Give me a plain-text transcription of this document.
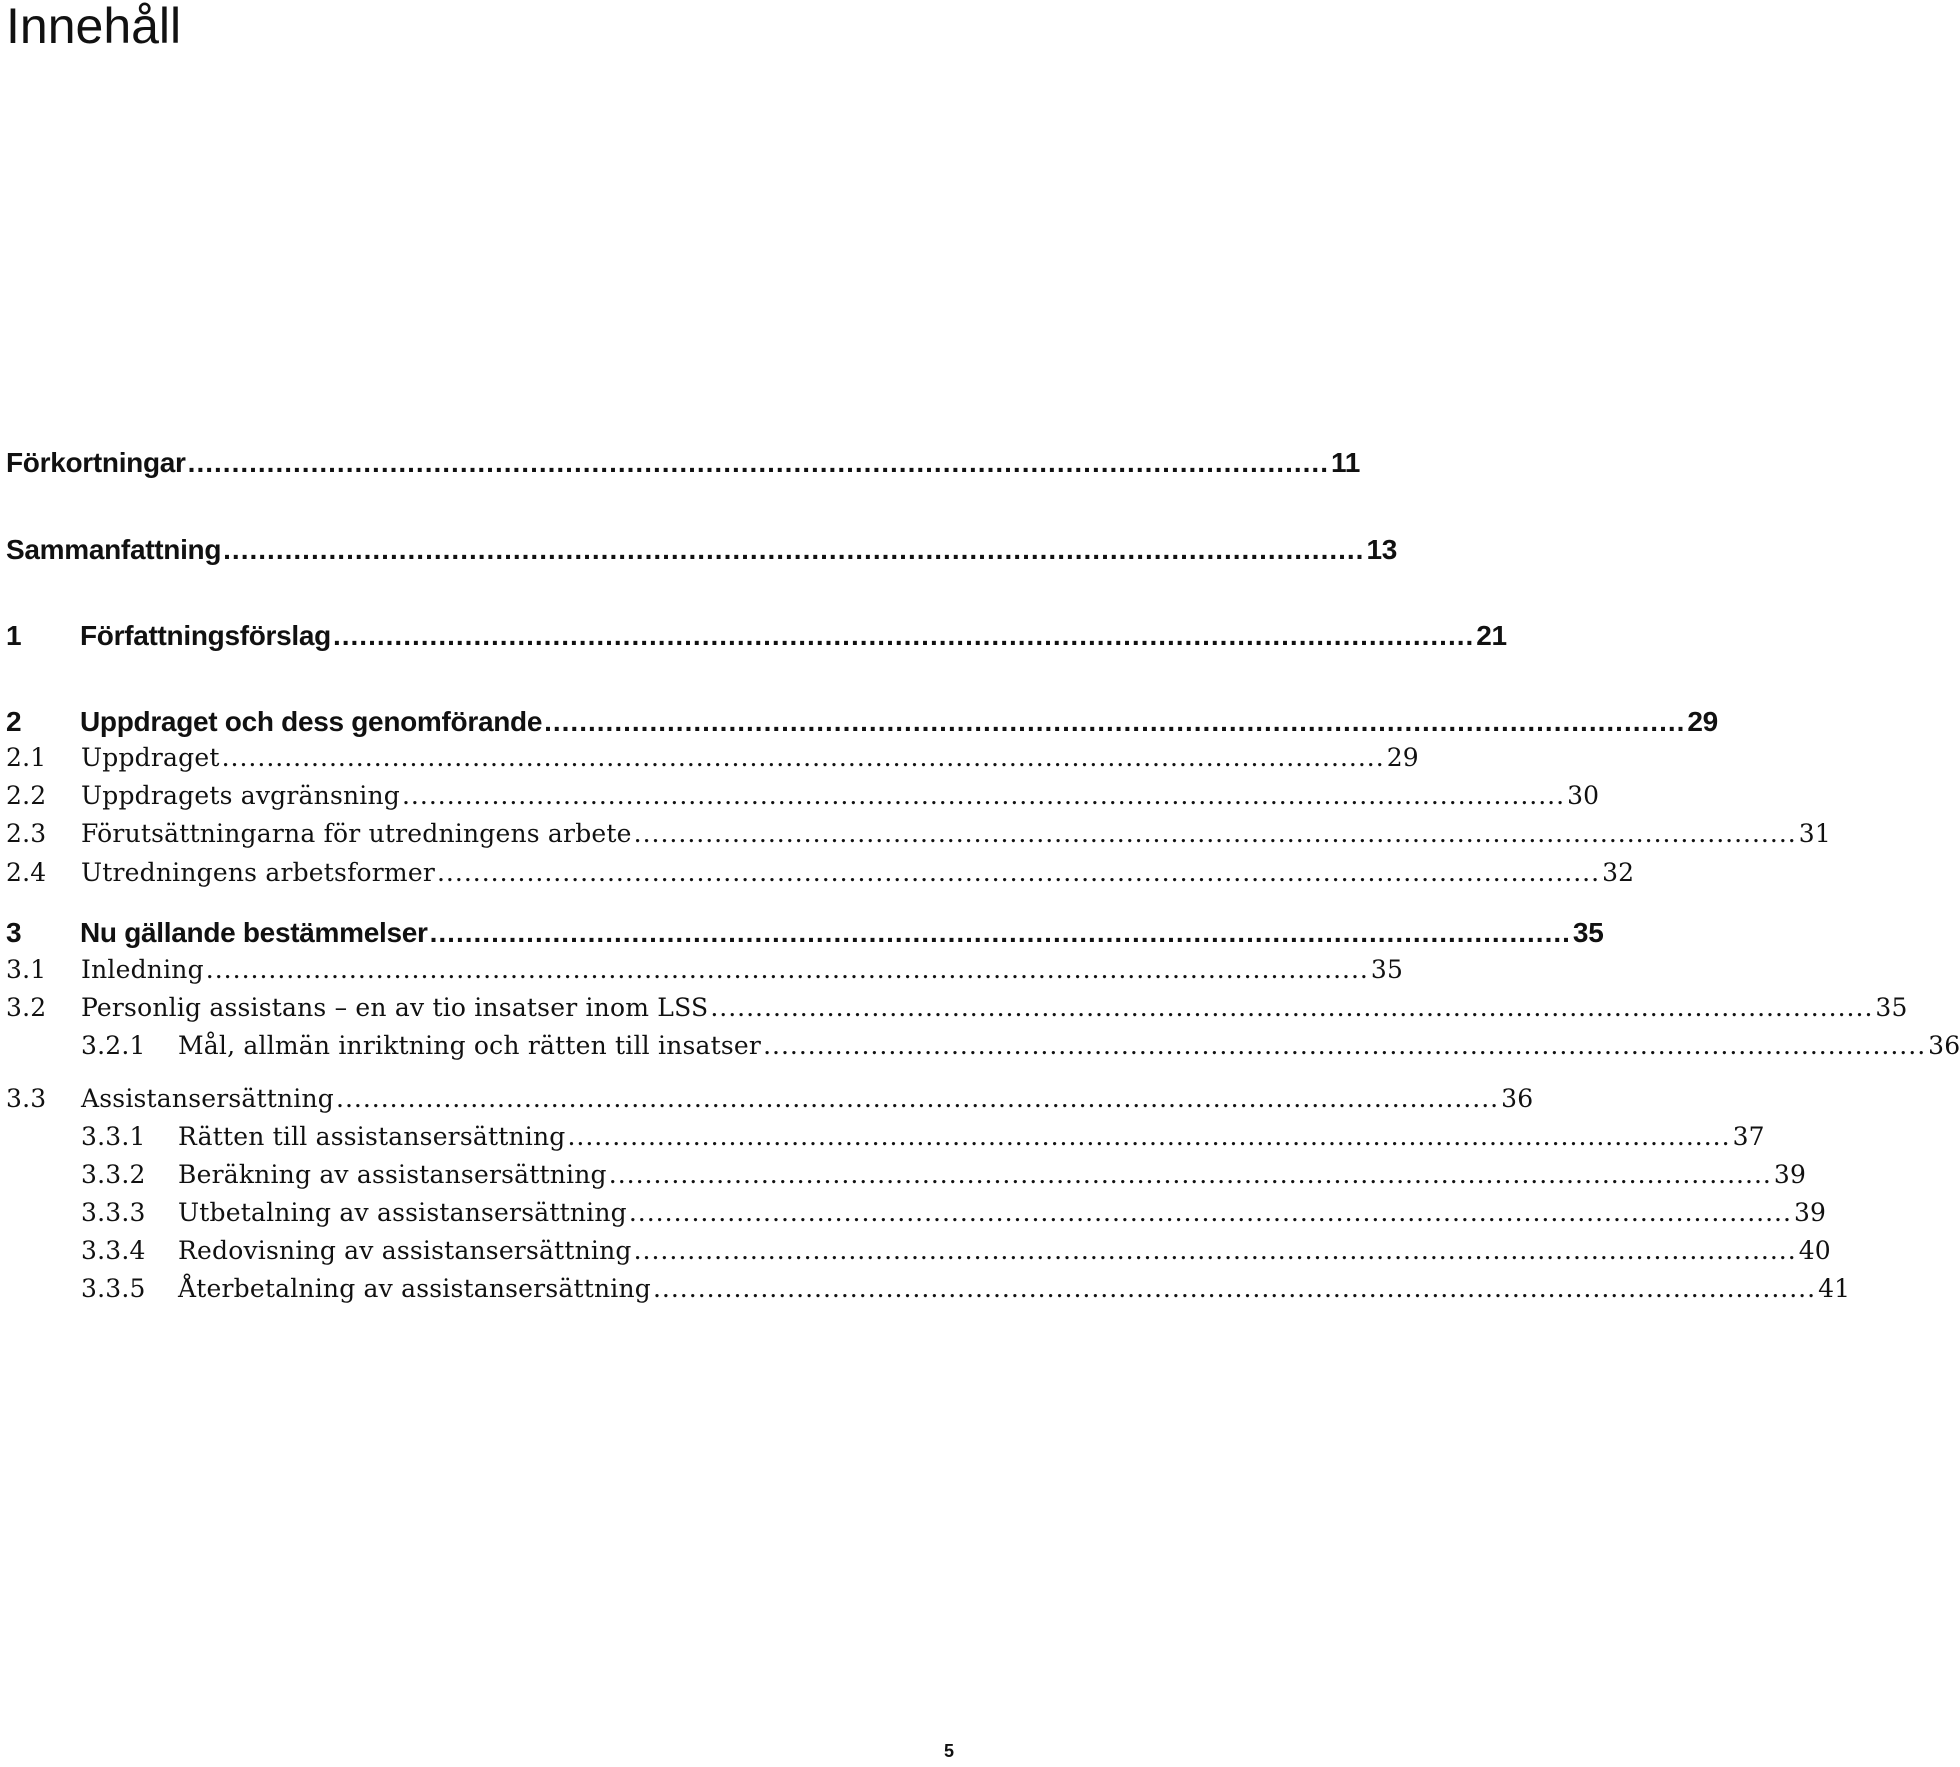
Innehåll
Förkortningar .................................................................................................................................. 11
Sammanfattning .................................................................................................................................. 13
1	Författningsförslag .................................................................................................................................. 21
2	Uppdraget och dess genomförande .................................................................................................................................. 29
2.1	Uppdraget .................................................................................................................................. 29
2.2	Uppdragets avgränsning .................................................................................................................................. 30
2.3	Förutsättningarna för utredningens arbete .................................................................................................................................. 31
2.4	Utredningens arbetsformer .................................................................................................................................. 32
3	Nu gällande bestämmelser .................................................................................................................................. 35
3.1	Inledning .................................................................................................................................. 35
3.2	Personlig assistans – en av tio insatser inom LSS .................................................................................................................................. 35
3.2.1	Mål, allmän inriktning och rätten till insatser .................................................................................................................................. 36
3.3	Assistansersättning .................................................................................................................................. 36
3.3.1	Rätten till assistansersättning .................................................................................................................................. 37
3.3.2	Beräkning av assistansersättning .................................................................................................................................. 39
3.3.3	Utbetalning av assistansersättning .................................................................................................................................. 39
3.3.4	Redovisning av assistansersättning .................................................................................................................................. 40
3.3.5	Återbetalning av assistansersättning .................................................................................................................................. 41
5
